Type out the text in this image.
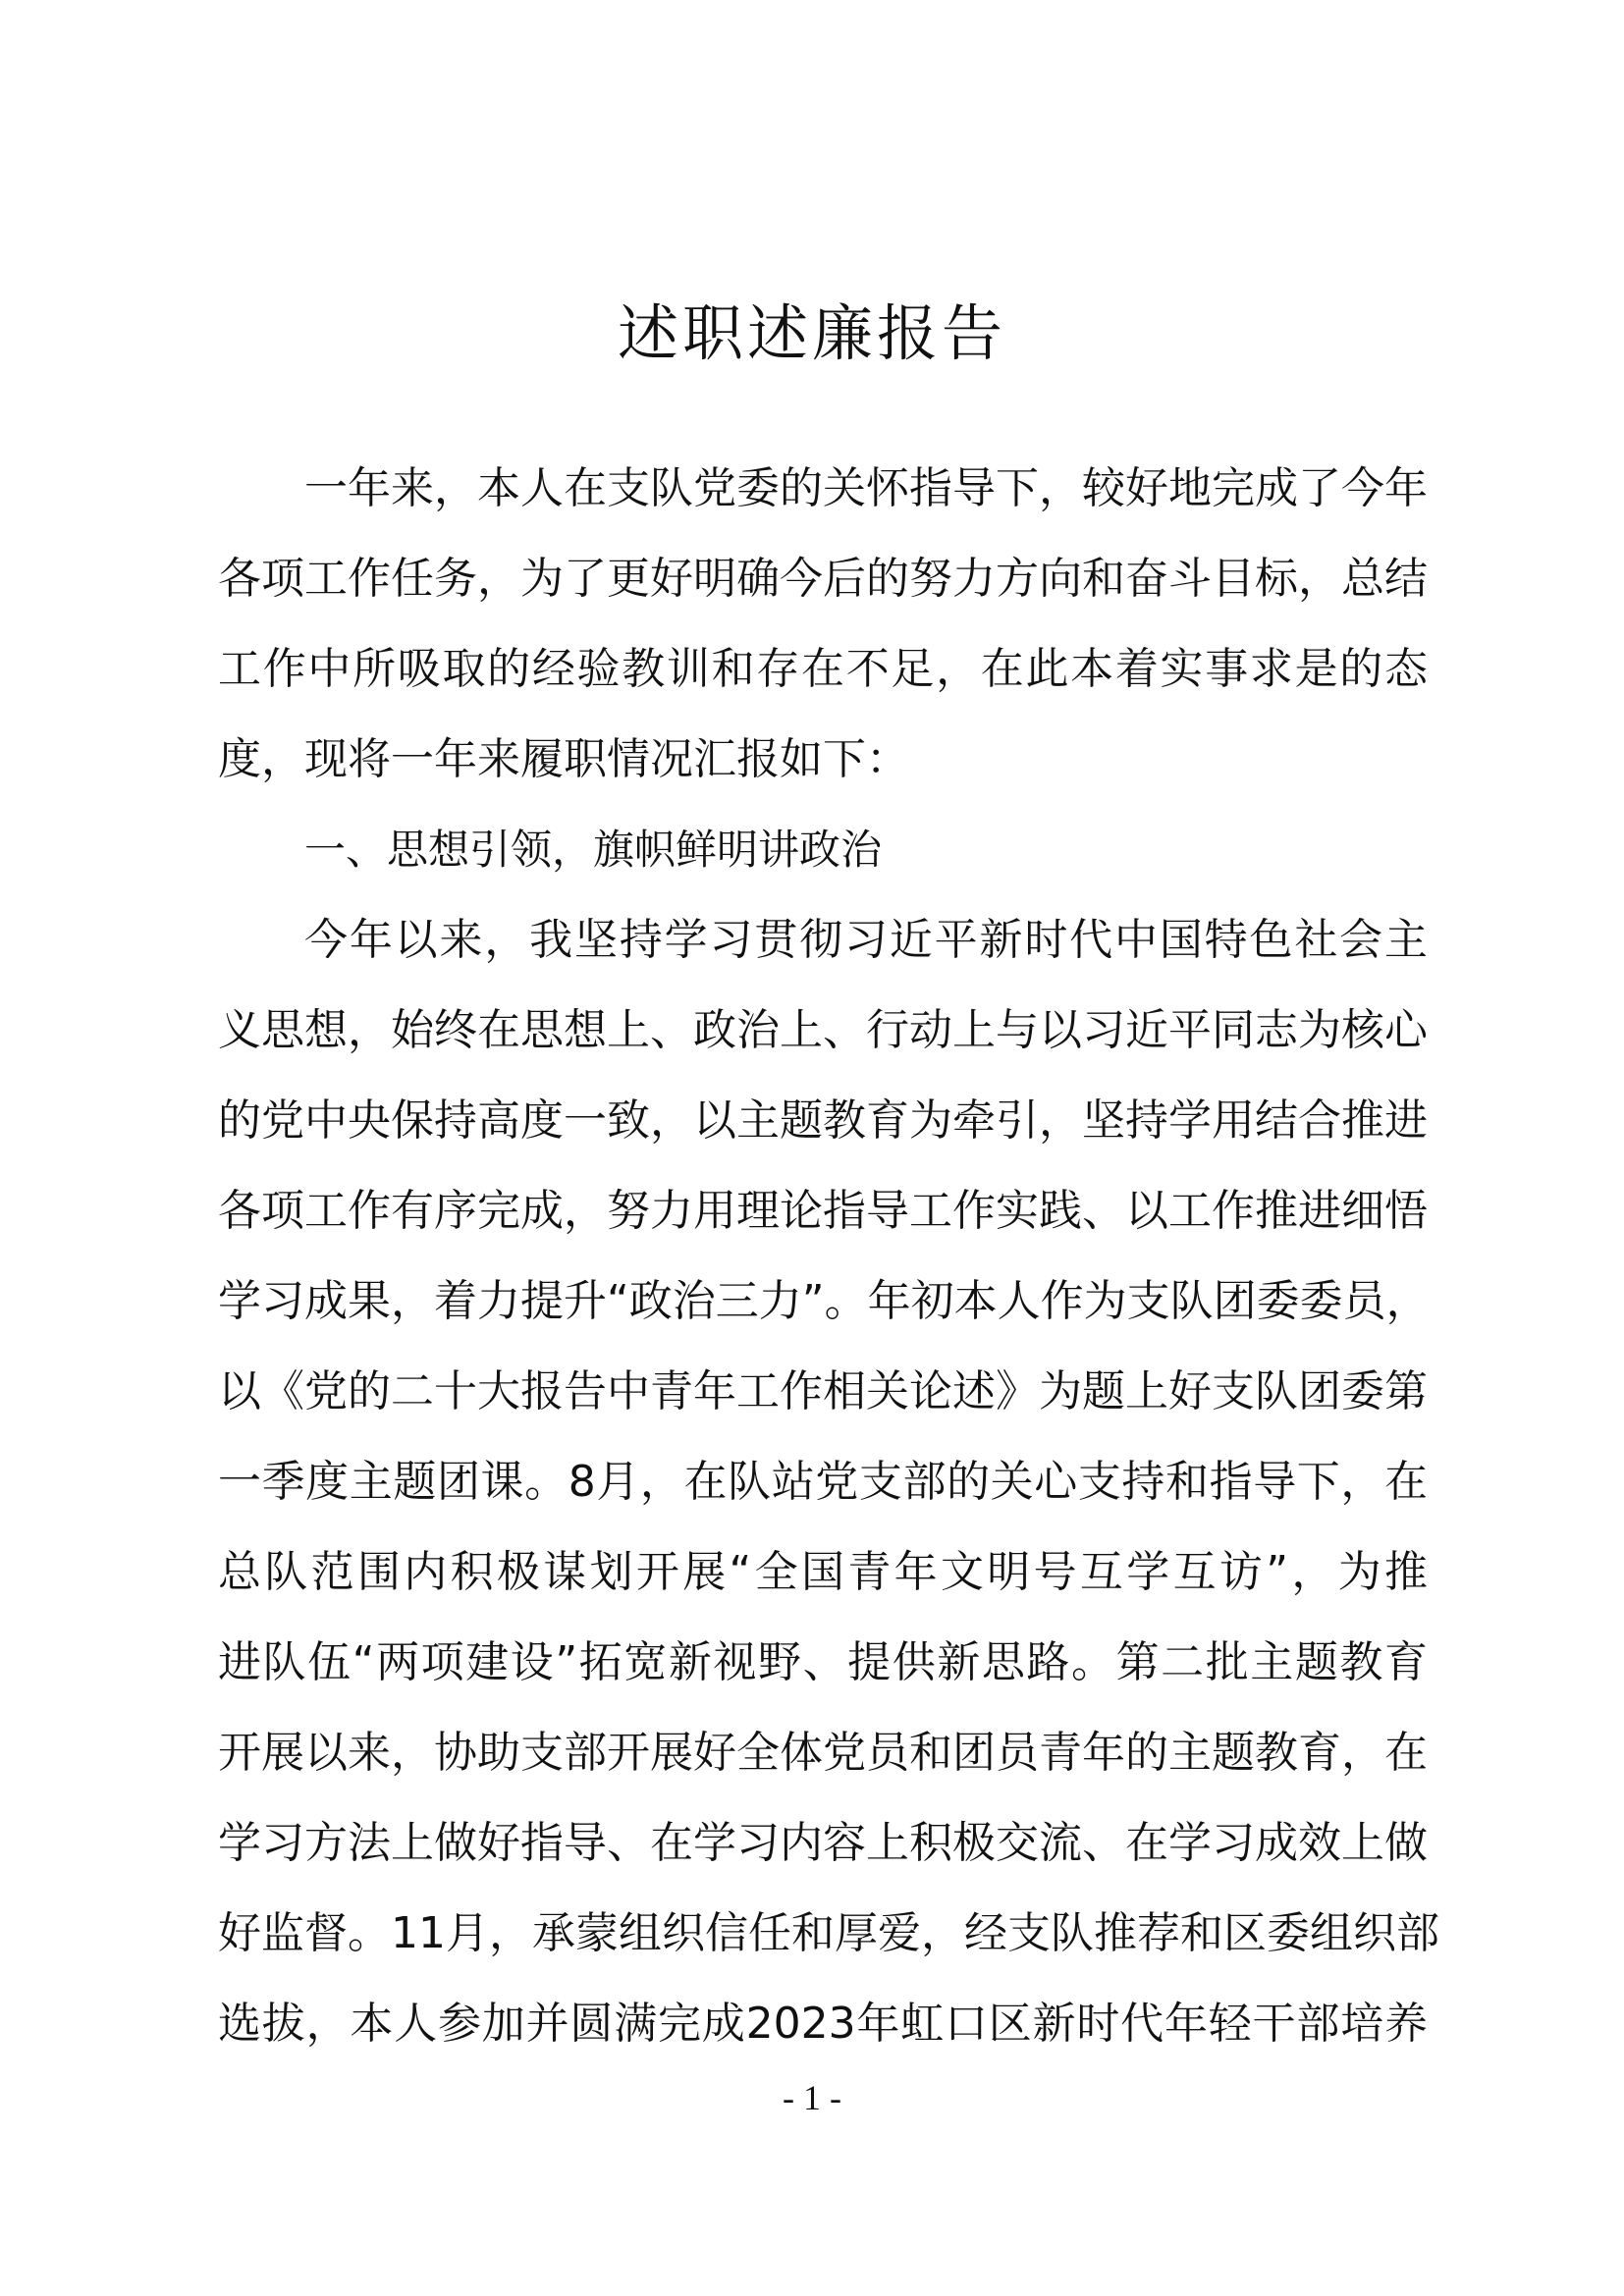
述职述廉报告
一年来，本人在支队党委的关怀指导下，较好地完成了今年
各项工作任务，为了更好明确今后的努力方向和奋斗目标，总结
工作中所吸取的经验教训和存在不足，在此本着实事求是的态
度，现将一年来履职情况汇报如下：
一、思想引领，旗帜鲜明讲政治
今年以来，我坚持学习贯彻习近平新时代中国特色社会主
义思想，始终在思想上、政治上、行动上与以习近平同志为核心
的党中央保持高度一致，以主题教育为牵引，坚持学用结合推进
各项工作有序完成，努力用理论指导工作实践、以工作推进细悟
学习成果，着力提升“政治三力”。年初本人作为支队团委委员，
以《党的二十大报告中青年工作相关论述》为题上好支队团委第
一季度主题团课。8月，在队站党支部的关心支持和指导下，在
总队范围内积极谋划开展“全国青年文明号互学互访”，为推
进队伍“两项建设”拓宽新视野、提供新思路。第二批主题教育
开展以来，协助支部开展好全体党员和团员青年的主题教育，在
学习方法上做好指导、在学习内容上积极交流、在学习成效上做
好监督。11月，承蒙组织信任和厚爱，经支队推荐和区委组织部
选拔，本人参加并圆满完成2023年虹口区新时代年轻干部培养
- 1 -
